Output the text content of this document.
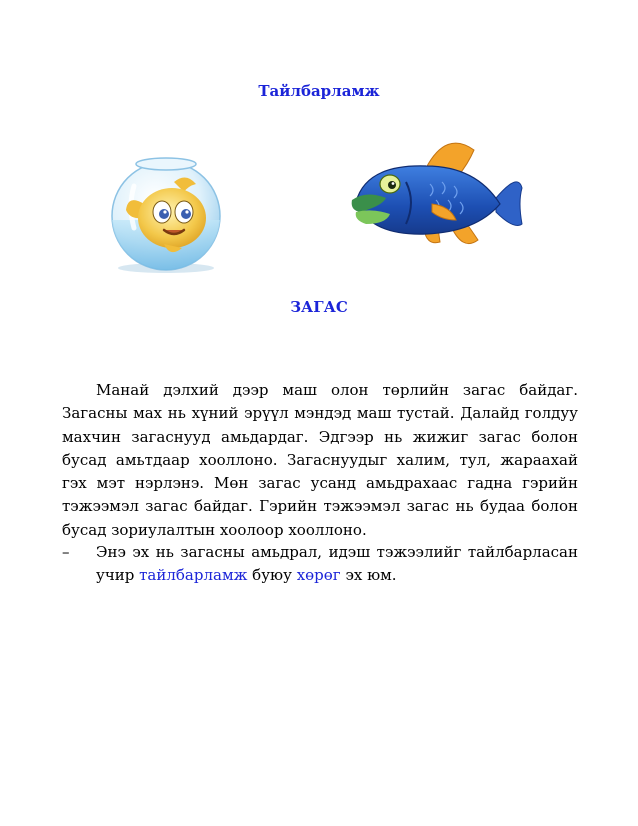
Тайлбарламж
ЗАГАС

Манай дэлхий дээр маш олон төрлийн загас байдаг. Загасны мах нь хүний эрүүл мэндэд маш тустай. Далайд голдуу махчин загаснууд амьдардаг. Эдгээр нь жижиг загас болон бусад амьтдаар хооллоно. Загаснуудыг халим, тул, жараахай гэх мэт нэрлэнэ. Мөн загас усанд амьдрахаас гадна гэрийн тэжээмэл загас байдаг. Гэрийн тэжээмэл загас нь будаа болон бусад зориулалтын хоолоор хооллоно.

– Энэ эх нь загасны амьдрал, идэш тэжээлийг тайлбарласан учир тайлбарламж буюу хөрөг эх юм.
